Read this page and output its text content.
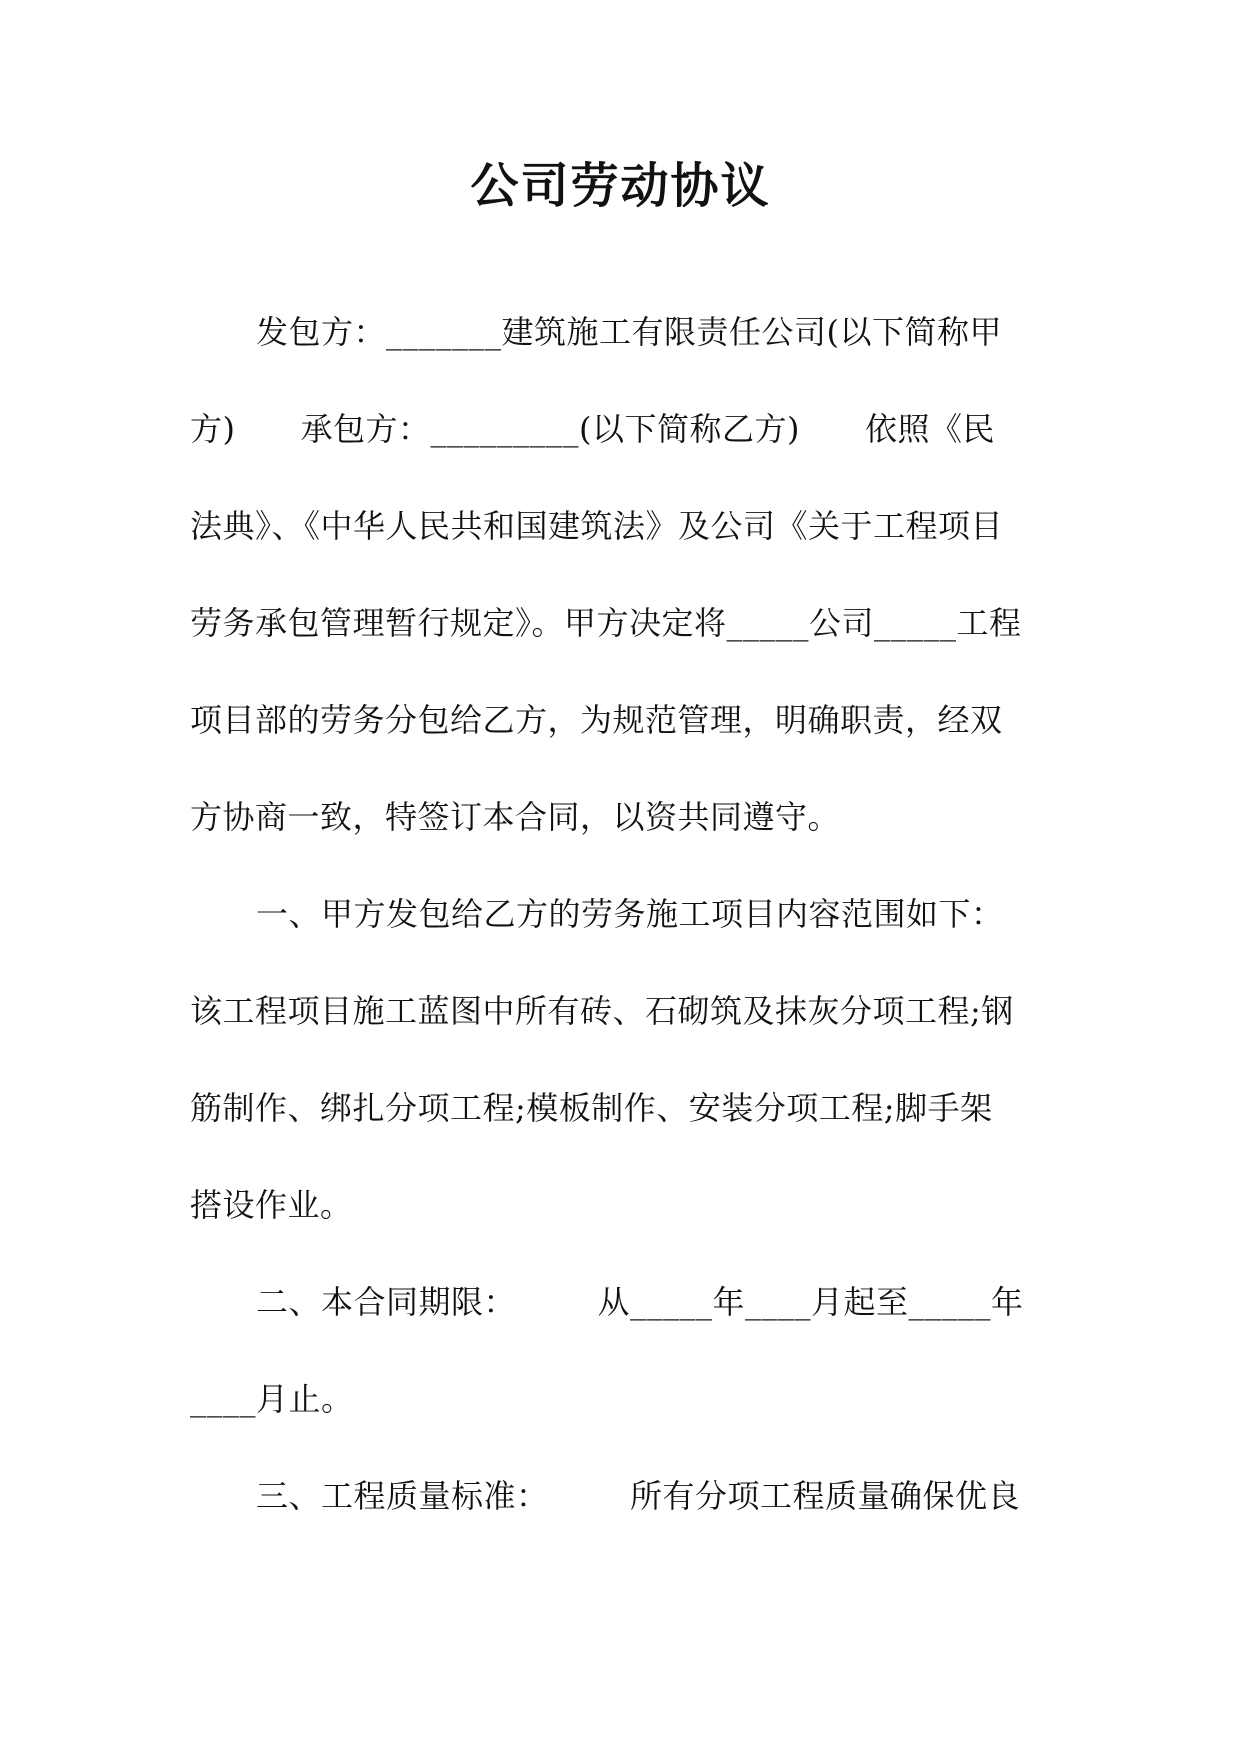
公司劳动协议
发包方：_______建筑施工有限责任公司(以下简称甲
方)　　承包方：_________(以下简称乙方)　　依照《民
法典》、《中华人民共和国建筑法》及公司《关于工程项目
劳务承包管理暂行规定》。甲方决定将_____公司_____工程
项目部的劳务分包给乙方，为规范管理，明确职责，经双
方协商一致，特签订本合同，以资共同遵守。
一、甲方发包给乙方的劳务施工项目内容范围如下：
该工程项目施工蓝图中所有砖、石砌筑及抹灰分项工程;钢
筋制作、绑扎分项工程;模板制作、安装分项工程;脚手架
搭设作业。
二、本合同期限：　　　从_____年____月起至_____年
____月止。
三、工程质量标准：　　　所有分项工程质量确保优良
